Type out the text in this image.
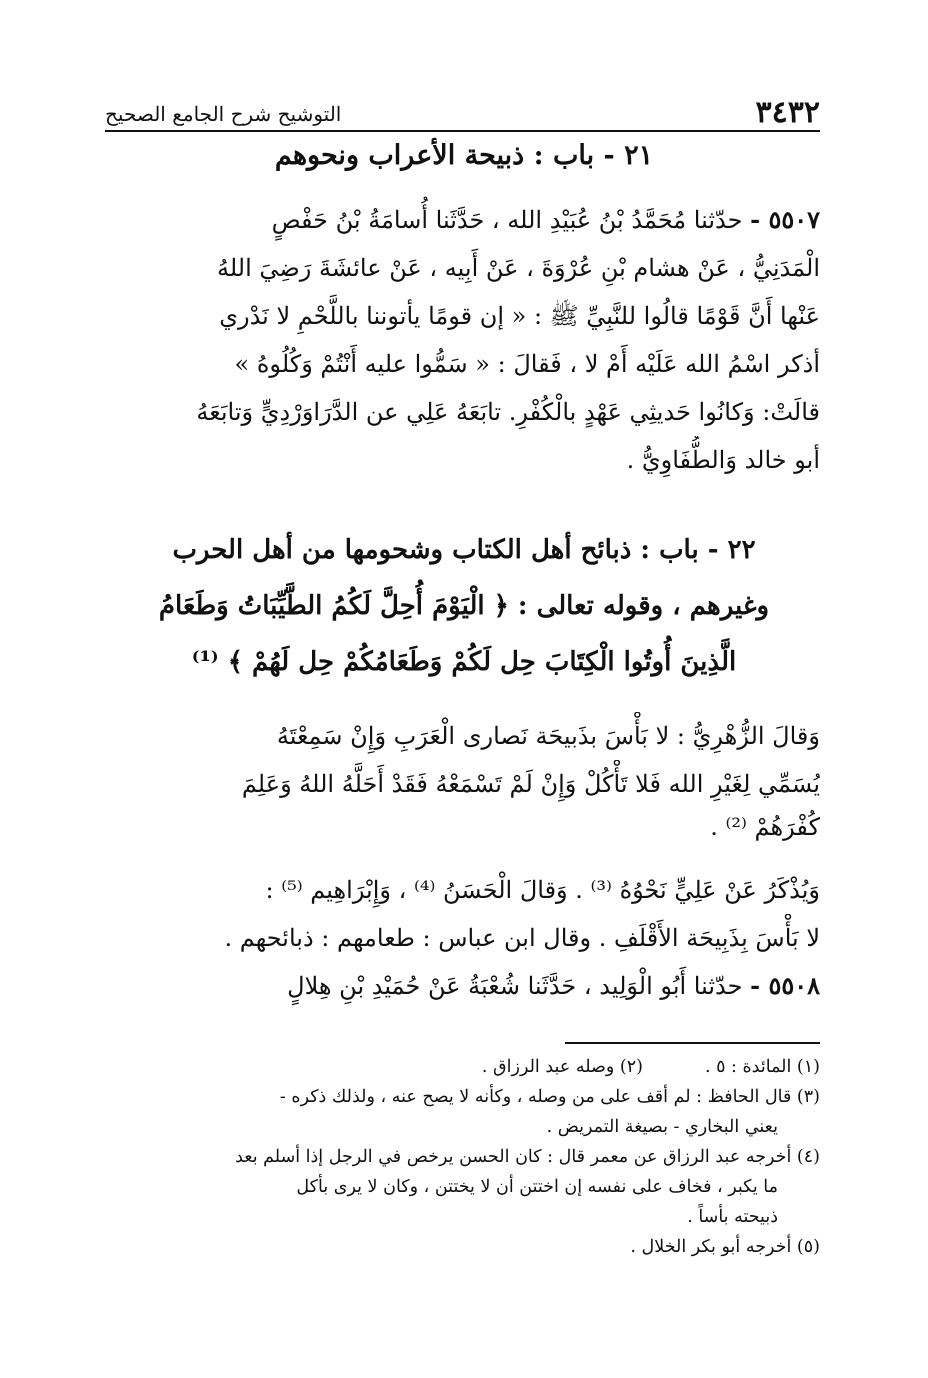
٣٤٣٢
التوشيح شرح الجامع الصحيح
٢١ - باب : ذبيحة الأعراب ونحوهم
٥٥٠٧ - حدّثنا مُحَمَّدُ بْنُ عُبَيْدِ الله ، حَدَّثَنا أُسامَةُ بْنُ حَفْصٍ
الْمَدَنِيُّ ، عَنْ هشام بْنِ عُرْوَةَ ، عَنْ أَبِيه ، عَنْ عائشَةَ رَضِيَ اللهُ
عَنْها أَنَّ قَوْمًا قالُوا للنَّبِيِّ ﷺ : « إن قومًا يأتوننا باللَّحْمِ لا نَدْري
أذكر اسْمُ الله عَلَيْه أَمْ لا ، فَقالَ : « سَمُّوا عليه أَنْتُمْ وَكُلُوهُ »
قالَتْ: وَكانُوا حَديثِي عَهْدٍ بالْكُفْرِ. تابَعَهُ عَلِي عن الدَّرَاوَرْدِيٍّ وَتابَعَهُ
أبو خالد وَالطُّفَاوِيُّ .
٢٢ - باب : ذبائح أهل الكتاب وشحومها من أهل الحرب
وغيرهم ، وقوله تعالى : ﴿ الْيَوْمَ أُحِلَّ لَكُمُ الطَّيِّبَاتُ وَطَعَامُ
الَّذِينَ أُوتُوا الْكِتَابَ حِل لَكُمْ وَطَعَامُكُمْ حِل لَهُمْ ﴾ ⁽¹⁾
وَقالَ الزُّهْرِيُّ : لا بَأْسَ بذَبيحَة نَصارى الْعَرَبِ وَإِنْ سَمِعْتَهُ
يُسَمِّي لِغَيْرِ الله فَلا تَأْكُلْ وَإِنْ لَمْ تَسْمَعْهُ فَقَدْ أَحَلَّهُ اللهُ وَعَلِمَ
كُفْرَهُمْ ⁽²⁾ .
وَيُذْكَرُ عَنْ عَلِيٍّ نَحْوُهُ ⁽³⁾ . وَقالَ الْحَسَنُ ⁽⁴⁾ ، وَإِبْرَاهِيم ⁽⁵⁾ :
لا بَأْسَ بِذَبِيحَة الأَقْلَفِ . وقال ابن عباس : طعامهم : ذبائحهم .
٥٥٠٨ - حدّثنا أَبُو الْوَلِيد ، حَدَّثَنا شُعْبَةُ عَنْ حُمَيْدِ بْنِ هِلالٍ
(١) المائدة : ٥ .
(٢) وصله عبد الرزاق .
(٣) قال الحافظ : لم أقف على من وصله ، وكأنه لا يصح عنه ، ولذلك ذكره -
يعني البخاري - بصيغة التمريض .
(٤) أخرجه عبد الرزاق عن معمر قال : كان الحسن يرخص في الرجل إذا أسلم بعد
ما يكبر ، فخاف على نفسه إن اختتن أن لا يختتن ، وكان لا يرى بأكل
ذبيحته بأساً .
(٥) أخرجه أبو بكر الخلال .
